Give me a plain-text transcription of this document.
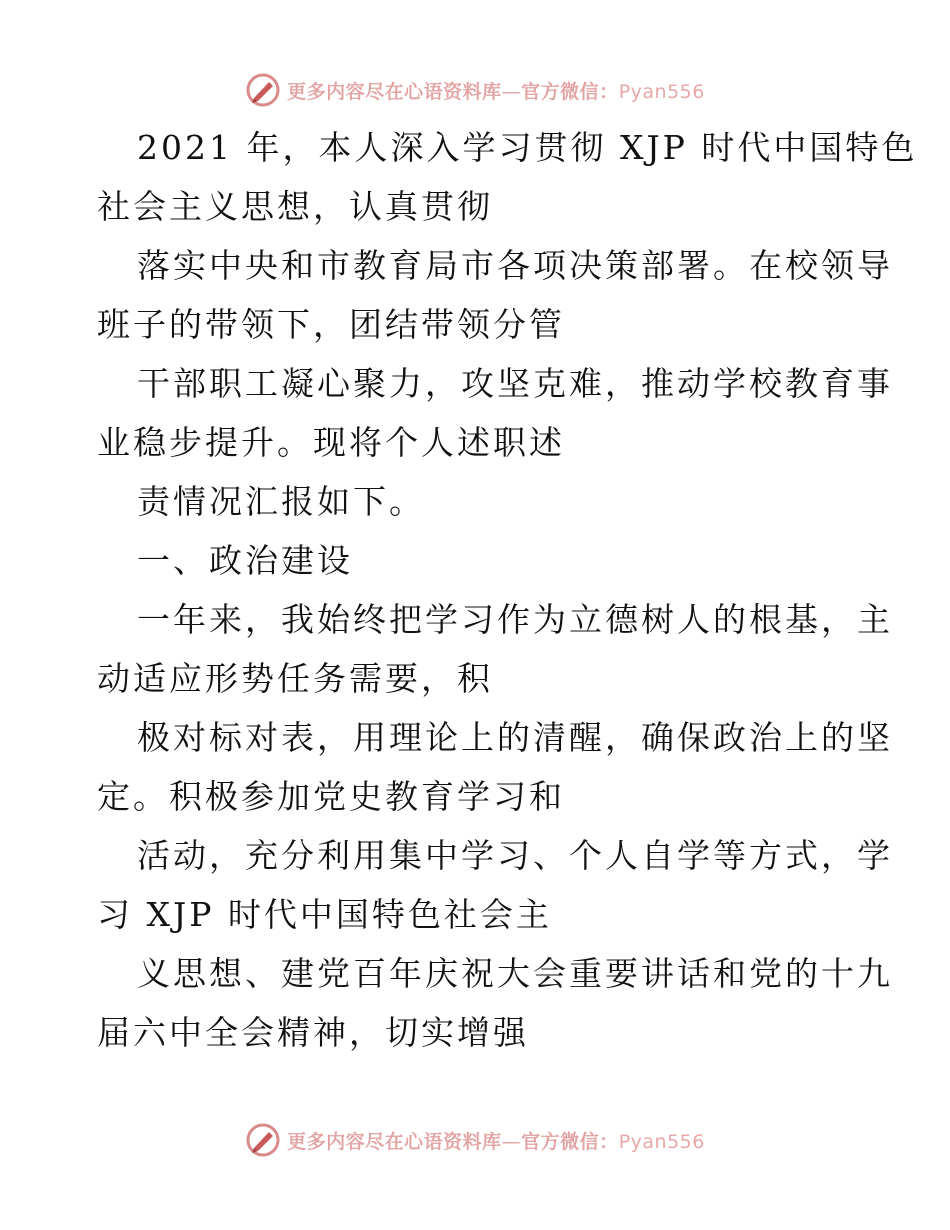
更多内容尽在心语资料库—官方微信：Pyan556
2021 年，本人深入学习贯彻 XJP 时代中国特色
社会主义思想，认真贯彻
落实中央和市教育局市各项决策部署。在校领导
班子的带领下，团结带领分管
干部职工凝心聚力，攻坚克难，推动学校教育事
业稳步提升。现将个人述职述
责情况汇报如下。
一、政治建设
一年来，我始终把学习作为立德树人的根基，主
动适应形势任务需要，积
极对标对表，用理论上的清醒，确保政治上的坚
定。积极参加党史教育学习和
活动，充分利用集中学习、个人自学等方式，学
习 XJP 时代中国特色社会主
义思想、建党百年庆祝大会重要讲话和党的十九
届六中全会精神，切实增强
更多内容尽在心语资料库—官方微信：Pyan556
